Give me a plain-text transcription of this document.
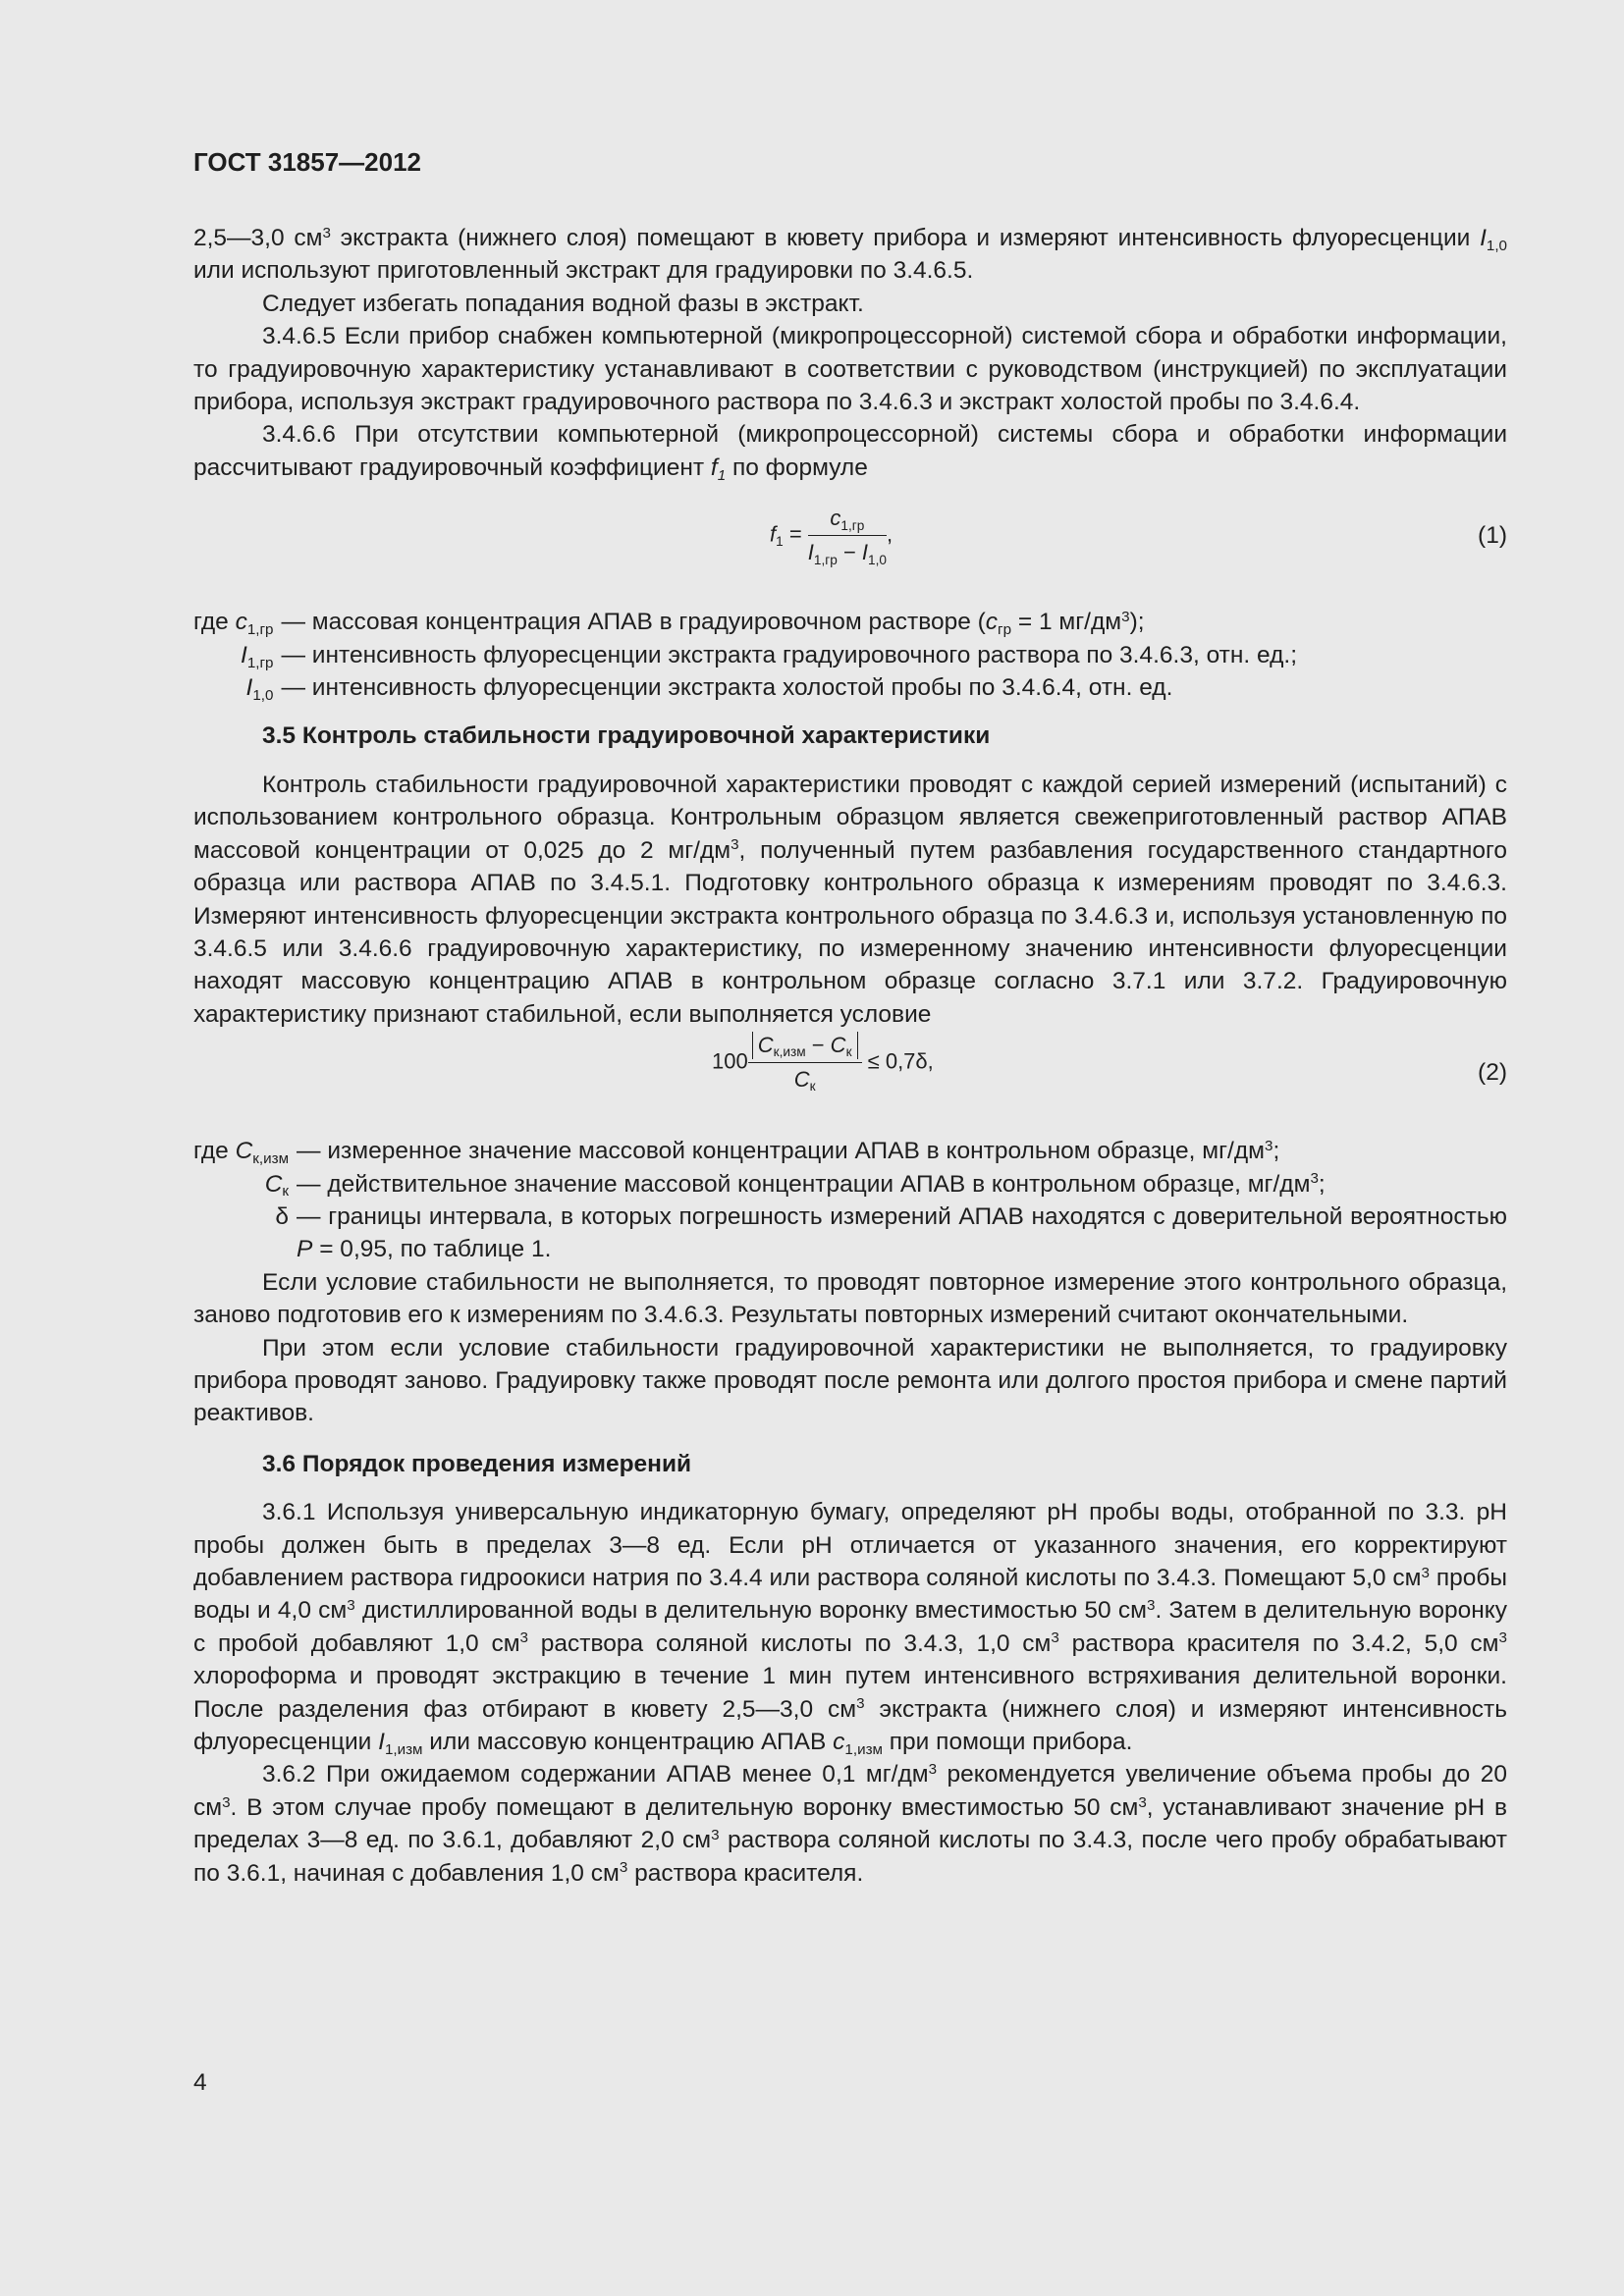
ГОСТ 31857—2012

2,5—3,0 $см^3$ экстракта (нижнего слоя) помещают в кювету прибора и измеряют интенсивность флуоресценции $I_{1,0}$ или используют приготовленный экстракт для градуировки по 3.4.6.5.

Следует избегать попадания водной фазы в экстракт.

3.4.6.5 Если прибор снабжен компьютерной (микропроцессорной) системой сбора и обработки информации, то градуировочную характеристику устанавливают в соответствии с руководством (инструкцией) по эксплуатации прибора, используя экстракт градуировочного раствора по 3.4.6.3 и экстракт холостой пробы по 3.4.6.4.

3.4.6.6 При отсутствии компьютерной (микропроцессорной) системы сбора и обработки информации рассчитывают градуировочный коэффициент $f_1$ по формуле

$f_1 = \frac{c_{1,гр}}{I_{1,гр} - I_{1,0}}$ ,	(1)
где $c_{1,гр}$ — массовая концентрация АПАВ в градуировочном растворе ($c_{гр} = 1$ $мг/дм^3$);
$I_{1,гр}$ — интенсивность флуоресценции экстракта градуировочного раствора по 3.4.6.3, отн. ед.;
$I_{1,0}$ — интенсивность флуоресценции экстракта холостой пробы по 3.4.6.4, отн. ед.

3.5 Контроль стабильности градуировочной характеристики

Контроль стабильности градуировочной характеристики проводят с каждой серией измерений (испытаний) с использованием контрольного образца. Контрольным образцом является свежеприготовленный раствор АПАВ массовой концентрации от 0,025 до 2 $мг/дм^3$, полученный путем разбавления государственного стандартного образца или раствора АПАВ по 3.4.5.1. Подготовку контрольного образца к измерениям проводят по 3.4.6.3. Измеряют интенсивность флуоресценции экстракта контрольного образца по 3.4.6.3 и, используя установленную по 3.4.6.5 или 3.4.6.6 градуировочную характеристику, по измеренному значению интенсивности флуоресценции находят массовую концентрацию АПАВ в контрольном образце согласно 3.7.1 или 3.7.2. Градуировочную характеристику признают стабильной, если выполняется условие

$100 \frac{C_{к,изм} - C_к}{C_к} \le 0,7\delta$,	(2)
где $C_{к,изм}$ — измеренное значение массовой концентрации АПАВ в контрольном образце, $мг/дм^3$;
$C_к$ — действительное значение массовой концентрации АПАВ в контрольном образце, $мг/дм^3$;
δ — границы интервала, в которых погрешность измерений АПАВ находятся с доверительной вероятностью P = 0,95, по таблице 1.

Если условие стабильности не выполняется, то проводят повторное измерение этого контрольного образца, заново подготовив его к измерениям по 3.4.6.3. Результаты повторных измерений считают окончательными.

При этом если условие стабильности градуировочной характеристики не выполняется, то градуировку прибора проводят заново. Градуировку также проводят после ремонта или долгого простоя прибора и смене партий реактивов.

3.6 Порядок проведения измерений

3.6.1 Используя универсальную индикаторную бумагу, определяют рН пробы воды, отобранной по 3.3. рН пробы должен быть в пределах 3—8 ед. Если рН отличается от указанного значения, его корректируют добавлением раствора гидроокиси натрия по 3.4.4 или раствора соляной кислоты по 3.4.3. Помещают 5,0 $см^3$ пробы воды и 4,0 $см^3$ дистиллированной воды в делительную воронку вместимостью 50 $см^3$. Затем в делительную воронку с пробой добавляют 1,0 $см^3$ раствора соляной кислоты по 3.4.3, 1,0 $см^3$ раствора красителя по 3.4.2, 5,0 $см^3$ хлороформа и проводят экстракцию в течение 1 мин путем интенсивного встряхивания делительной воронки. После разделения фаз отбирают в кювету 2,5—3,0 $см^3$ экстракта (нижнего слоя) и измеряют интенсивность флуоресценции $I_{1,изм}$ или массовую концентрацию АПАВ $c_{1,изм}$ при помощи прибора.

3.6.2 При ожидаемом содержании АПАВ менее 0,1 $мг/дм^3$ рекомендуется увеличение объема пробы до 20 $см^3$. В этом случае пробу помещают в делительную воронку вместимостью 50 $см^3$, устанавливают значение рН в пределах 3—8 ед. по 3.6.1, добавляют 2,0 $см^3$ раствора соляной кислоты по 3.4.3, после чего пробу обрабатывают по 3.6.1, начиная с добавления 1,0 $см^3$ раствора красителя.

4
